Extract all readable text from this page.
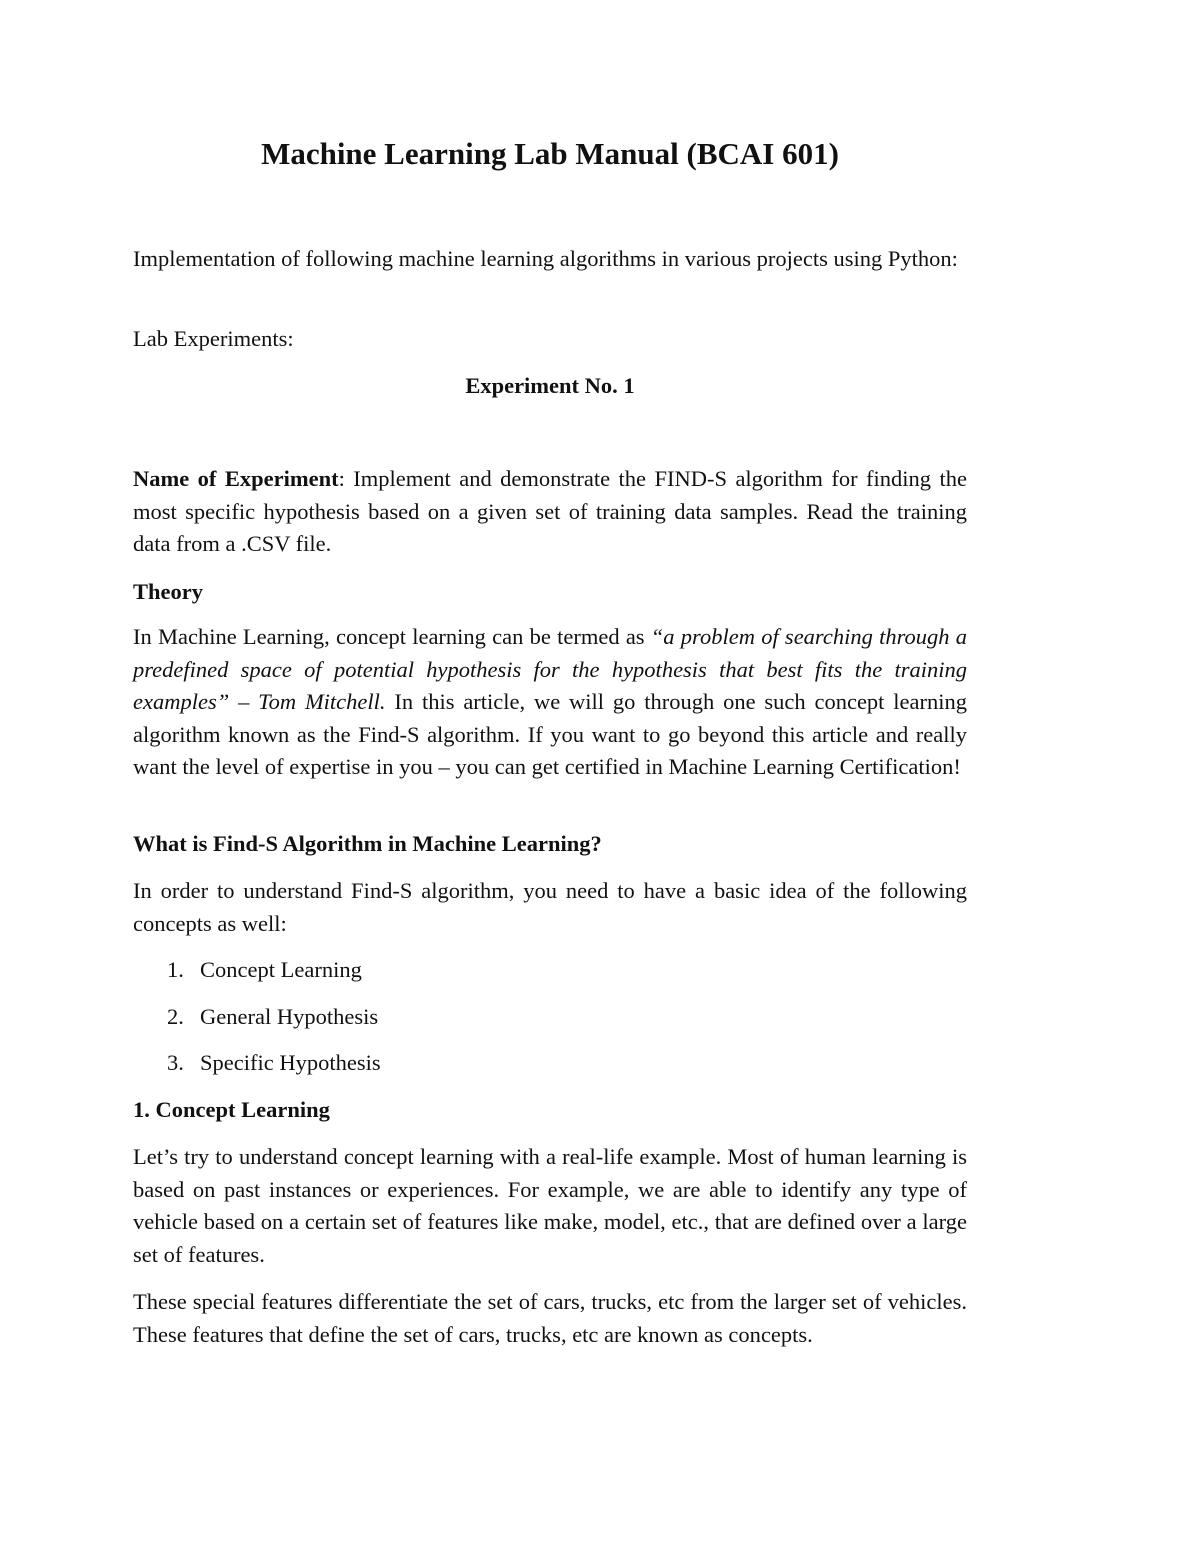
Machine Learning Lab Manual (BCAI 601)

Implementation of following machine learning algorithms in various projects using Python:

Lab Experiments:

Experiment No. 1

Name of Experiment: Implement and demonstrate the FIND-S algorithm for finding the most specific hypothesis based on a given set of training data samples. Read the training data from a .CSV file.

Theory

In Machine Learning, concept learning can be termed as “a problem of searching through a predefined space of potential hypothesis for the hypothesis that best fits the training examples” – Tom Mitchell. In this article, we will go through one such concept learning algorithm known as the Find-S algorithm. If you want to go beyond this article and really want the level of expertise in you – you can get certified in Machine Learning Certification!

What is Find-S Algorithm in Machine Learning?

In order to understand Find-S algorithm, you need to have a basic idea of the following concepts as well:

1. Concept Learning
2. General Hypothesis
3. Specific Hypothesis

1. Concept Learning

Let’s try to understand concept learning with a real-life example. Most of human learning is based on past instances or experiences. For example, we are able to identify any type of vehicle based on a certain set of features like make, model, etc., that are defined over a large set of features.

These special features differentiate the set of cars, trucks, etc from the larger set of vehicles. These features that define the set of cars, trucks, etc are known as concepts.
